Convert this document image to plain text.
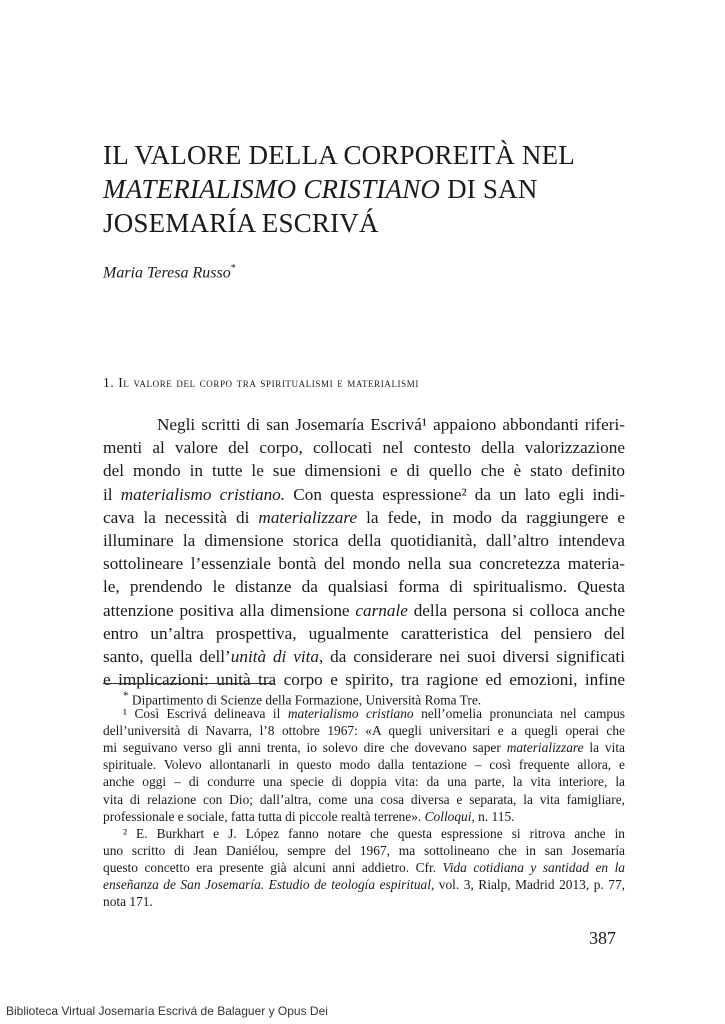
IL VALORE DELLA CORPOREITÀ NEL
MATERIALISMO CRISTIANO DI SAN
JOSEMARÍA ESCRIVÁ
Maria Teresa Russo*
1. Il valore del corpo tra spiritualismi e materialismi
Negli scritti di san Josemaría Escrivá¹ appaiono abbondanti riferi-
menti al valore del corpo, collocati nel contesto della valorizzazione
del mondo in tutte le sue dimensioni e di quello che è stato definito
il materialismo cristiano. Con questa espressione² da un lato egli indi-
cava la necessità di materializzare la fede, in modo da raggiungere e
illuminare la dimensione storica della quotidianità, dall’altro intendeva
sottolineare l’essenziale bontà del mondo nella sua concretezza materia-
le, prendendo le distanze da qualsiasi forma di spiritualismo. Questa
attenzione positiva alla dimensione carnale della persona si colloca anche
entro un’altra prospettiva, ugualmente caratteristica del pensiero del
santo, quella dell’unità di vita, da considerare nei suoi diversi significati
e implicazioni: unità tra corpo e spirito, tra ragione ed emozioni, infine
* Dipartimento di Scienze della Formazione, Università Roma Tre.
¹ Così Escrivá delineava il materialismo cristiano nell’omelia pronunciata nel campus
dell’università di Navarra, l’8 ottobre 1967: «A quegli universitari e a quegli operai che
mi seguivano verso gli anni trenta, io solevo dire che dovevano saper materializzare la vita
spirituale. Volevo allontanarli in questo modo dalla tentazione – così frequente allora, e
anche oggi – di condurre una specie di doppia vita: da una parte, la vita interiore, la
vita di relazione con Dio; dall’altra, come una cosa diversa e separata, la vita famigliare,
professionale e sociale, fatta tutta di piccole realtà terrene». Colloqui, n. 115.
² E. Burkhart e J. López fanno notare che questa espressione si ritrova anche in
uno scritto di Jean Daniélou, sempre del 1967, ma sottolineano che in san Josemaría
questo concetto era presente già alcuni anni addietro. Cfr. Vida cotidiana y santidad en la
enseñanza de San Josemaría. Estudio de teología espiritual, vol. 3, Rialp, Madrid 2013, p. 77,
nota 171.
387
Biblioteca Virtual Josemaría Escrivá de Balaguer y Opus Dei
